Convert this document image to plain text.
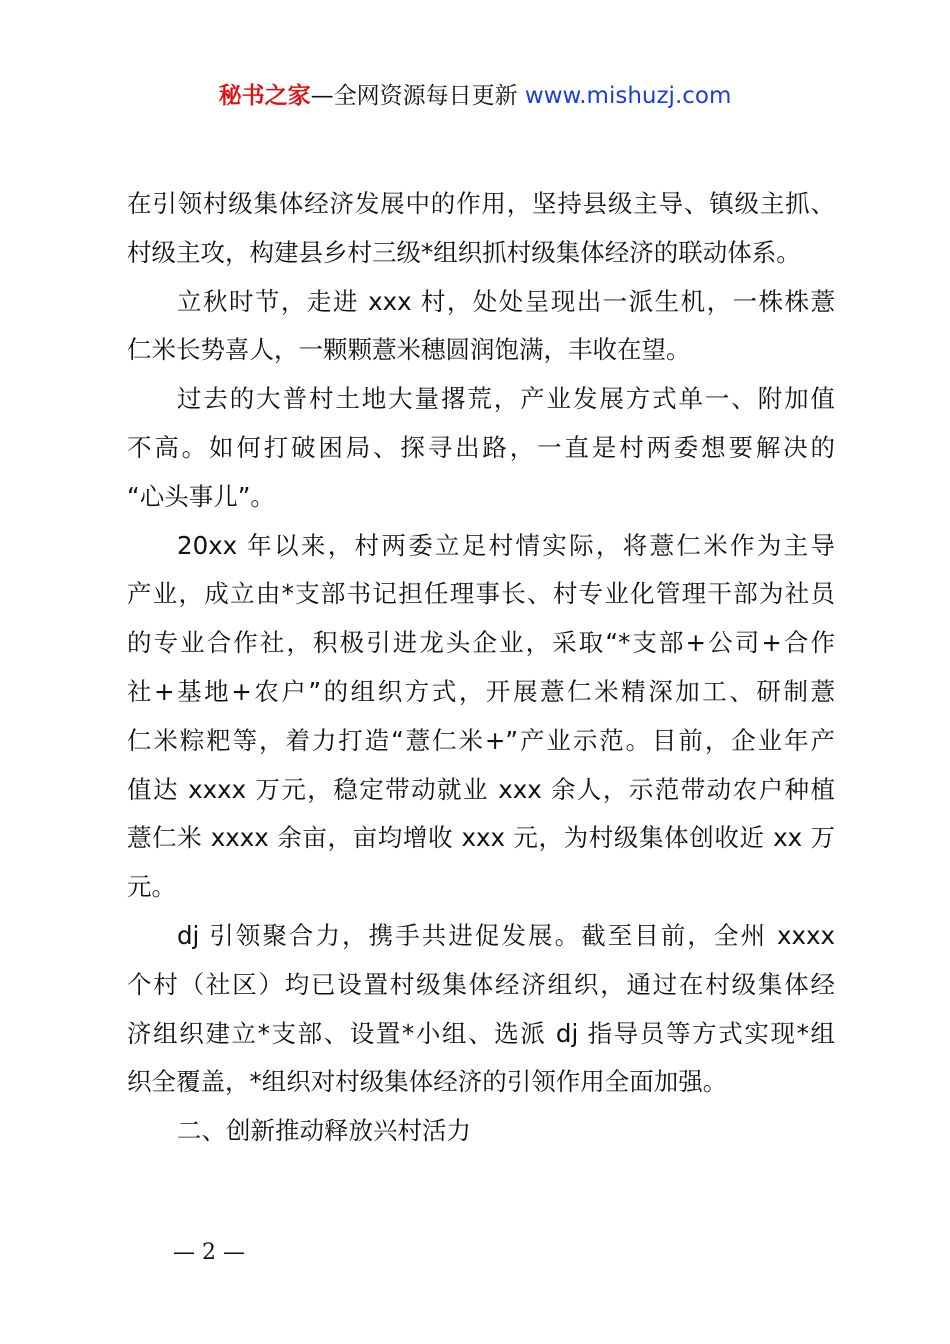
秘书之家—全网资源每日更新 www.mishuzj.com
在引领村级集体经济发展中的作用，坚持县级主导、镇级主抓、
村级主攻，构建县乡村三级*组织抓村级集体经济的联动体系。
立秋时节，走进 xxx 村，处处呈现出一派生机，一株株薏
仁米长势喜人，一颗颗薏米穗圆润饱满，丰收在望。
过去的大普村土地大量撂荒，产业发展方式单一、附加值
不高。如何打破困局、探寻出路，一直是村两委想要解决的
“心头事儿”。
20xx 年以来，村两委立足村情实际，将薏仁米作为主导
产业，成立由*支部书记担任理事长、村专业化管理干部为社员
的专业合作社，积极引进龙头企业，采取“*支部+公司+合作
社+基地+农户”的组织方式，开展薏仁米精深加工、研制薏
仁米粽粑等，着力打造“薏仁米+”产业示范。目前，企业年产
值达 xxxx 万元，稳定带动就业 xxx 余人，示范带动农户种植
薏仁米 xxxx 余亩，亩均增收 xxx 元，为村级集体创收近 xx 万
元。
dj 引领聚合力，携手共进促发展。截至目前，全州 xxxx
个村（社区）均已设置村级集体经济组织，通过在村级集体经
济组织建立*支部、设置*小组、选派 dj 指导员等方式实现*组
织全覆盖，*组织对村级集体经济的引领作用全面加强。
二、创新推动释放兴村活力
— 2 —
